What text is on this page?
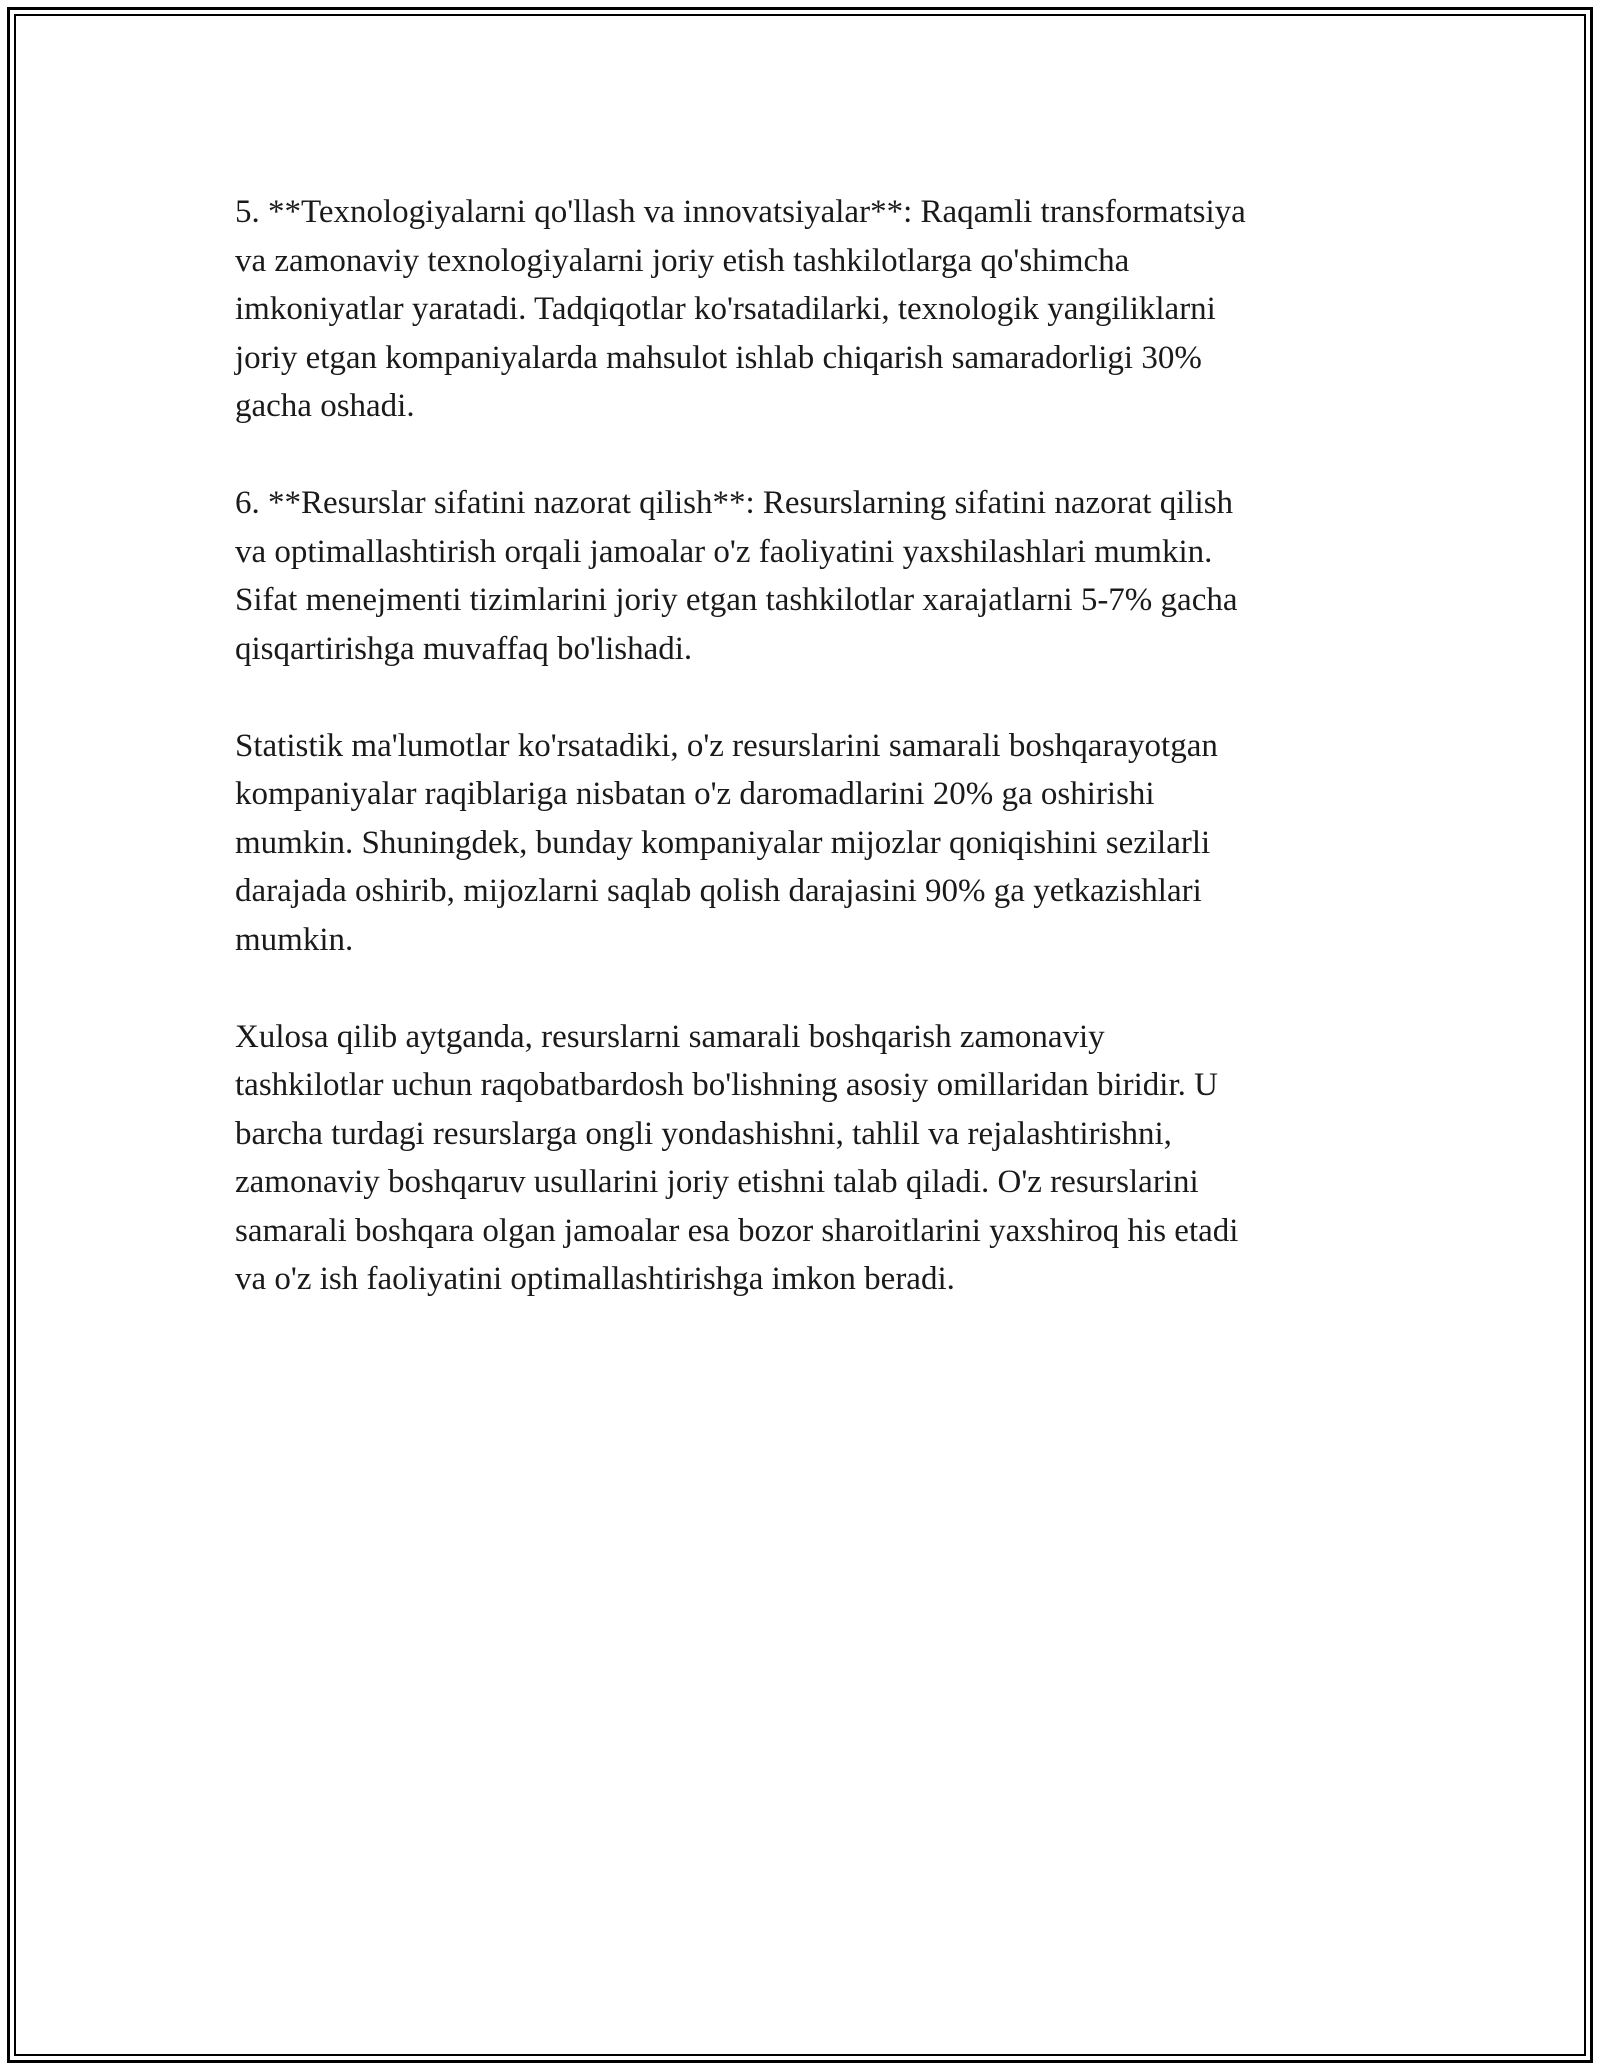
5. **Texnologiyalarni qo'llash va innovatsiyalar**: Raqamli transformatsiya
va zamonaviy texnologiyalarni joriy etish tashkilotlarga qo'shimcha
imkoniyatlar yaratadi. Tadqiqotlar ko'rsatadilarki, texnologik yangiliklarni
joriy etgan kompaniyalarda mahsulot ishlab chiqarish samaradorligi 30%
gacha oshadi.

6. **Resurslar sifatini nazorat qilish**: Resurslarning sifatini nazorat qilish
va optimallashtirish orqali jamoalar o'z faoliyatini yaxshilashlari mumkin.
Sifat menejmenti tizimlarini joriy etgan tashkilotlar xarajatlarni 5-7% gacha
qisqartirishga muvaffaq bo'lishadi.

Statistik ma'lumotlar ko'rsatadiki, o'z resurslarini samarali boshqarayotgan
kompaniyalar raqiblariga nisbatan o'z daromadlarini 20% ga oshirishi
mumkin. Shuningdek, bunday kompaniyalar mijozlar qoniqishini sezilarli
darajada oshirib, mijozlarni saqlab qolish darajasini 90% ga yetkazishlari
mumkin.

Xulosa qilib aytganda, resurslarni samarali boshqarish zamonaviy
tashkilotlar uchun raqobatbardosh bo'lishning asosiy omillaridan biridir. U
barcha turdagi resurslarga ongli yondashishni, tahlil va rejalashtirishni,
zamonaviy boshqaruv usullarini joriy etishni talab qiladi. O'z resurslarini
samarali boshqara olgan jamoalar esa bozor sharoitlarini yaxshiroq his etadi
va o'z ish faoliyatini optimallashtirishga imkon beradi.
